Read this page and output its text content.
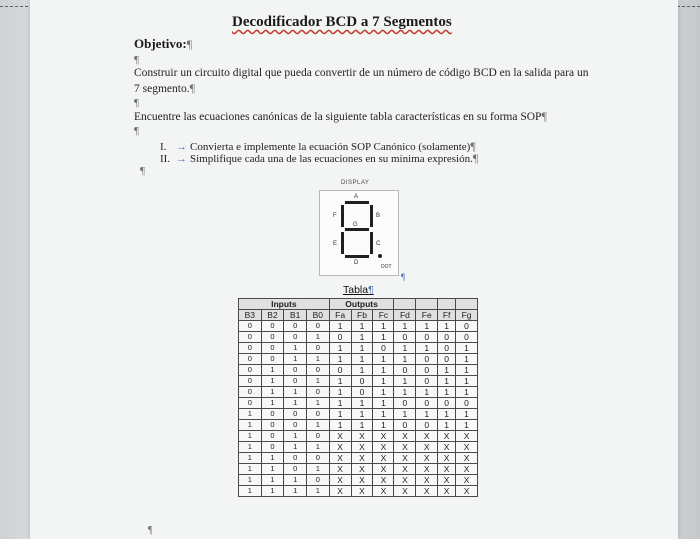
Decodificador BCD a 7 Segmentos
Objetivo:¶
¶
Construir un circuito digital que pueda convertir de un número de código BCD en la salida para un 7 segmento.¶
¶
Encuentre las ecuaciones canónicas de la siguiente tabla características en su forma SOP¶
¶
I. → Convierta e implemente la ecuación SOP Canónico (solamente)¶
II. → Simplifique cada una de las ecuaciones en su mínima expresión.¶
¶
DISPLAY
A
B
C
D
E
F
G
DOT
¶
Tabla¶
Inputs				Outputs						
B3	B2	B1	B0	Fa	Fb	Fc	Fd	Fe	Ff	Fg
0	0	0	0	1	1	1	1	1	1	0
0	0	0	1	0	1	1	0	0	0	0
0	0	1	0	1	1	0	1	1	0	1
0	0	1	1	1	1	1	1	0	0	1
0	1	0	0	0	1	1	0	0	1	1
0	1	0	1	1	0	1	1	0	1	1
0	1	1	0	1	0	1	1	1	1	1
0	1	1	1	1	1	1	0	0	0	0
1	0	0	0	1	1	1	1	1	1	1
1	0	0	1	1	1	1	0	0	1	1
1	0	1	0	X	X	X	X	X	X	X
1	0	1	1	X	X	X	X	X	X	X
1	1	0	0	X	X	X	X	X	X	X
1	1	0	1	X	X	X	X	X	X	X
1	1	1	0	X	X	X	X	X	X	X
1	1	1	1	X	X	X	X	X	X	X
¶
